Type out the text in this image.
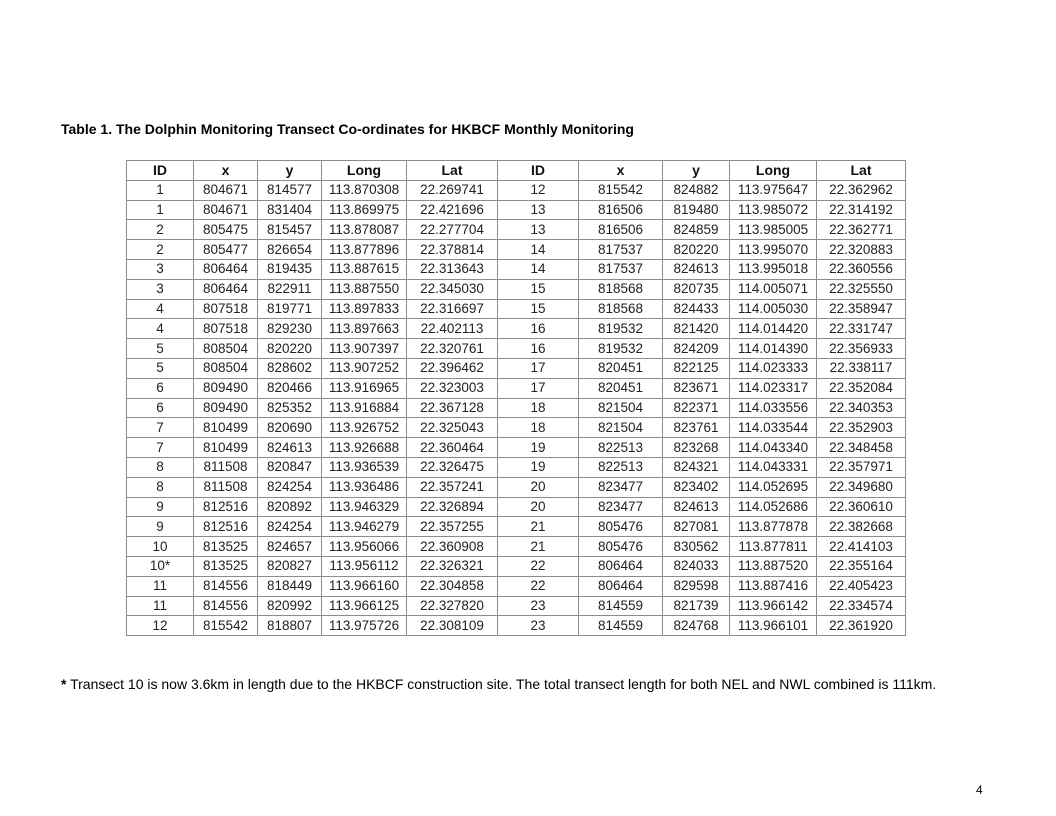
Table 1. The Dolphin Monitoring Transect Co-ordinates for HKBCF Monthly Monitoring
ID	x	y	Long	Lat	ID	x	y	Long	Lat
1	804671	814577	113.870308	22.269741	12	815542	824882	113.975647	22.362962
1	804671	831404	113.869975	22.421696	13	816506	819480	113.985072	22.314192
2	805475	815457	113.878087	22.277704	13	816506	824859	113.985005	22.362771
2	805477	826654	113.877896	22.378814	14	817537	820220	113.995070	22.320883
3	806464	819435	113.887615	22.313643	14	817537	824613	113.995018	22.360556
3	806464	822911	113.887550	22.345030	15	818568	820735	114.005071	22.325550
4	807518	819771	113.897833	22.316697	15	818568	824433	114.005030	22.358947
4	807518	829230	113.897663	22.402113	16	819532	821420	114.014420	22.331747
5	808504	820220	113.907397	22.320761	16	819532	824209	114.014390	22.356933
5	808504	828602	113.907252	22.396462	17	820451	822125	114.023333	22.338117
6	809490	820466	113.916965	22.323003	17	820451	823671	114.023317	22.352084
6	809490	825352	113.916884	22.367128	18	821504	822371	114.033556	22.340353
7	810499	820690	113.926752	22.325043	18	821504	823761	114.033544	22.352903
7	810499	824613	113.926688	22.360464	19	822513	823268	114.043340	22.348458
8	811508	820847	113.936539	22.326475	19	822513	824321	114.043331	22.357971
8	811508	824254	113.936486	22.357241	20	823477	823402	114.052695	22.349680
9	812516	820892	113.946329	22.326894	20	823477	824613	114.052686	22.360610
9	812516	824254	113.946279	22.357255	21	805476	827081	113.877878	22.382668
10	813525	824657	113.956066	22.360908	21	805476	830562	113.877811	22.414103
10*	813525	820827	113.956112	22.326321	22	806464	824033	113.887520	22.355164
11	814556	818449	113.966160	22.304858	22	806464	829598	113.887416	22.405423
11	814556	820992	113.966125	22.327820	23	814559	821739	113.966142	22.334574
12	815542	818807	113.975726	22.308109	23	814559	824768	113.966101	22.361920
* Transect 10 is now 3.6km in length due to the HKBCF construction site. The total transect length for both NEL and NWL combined is 111km.
4
